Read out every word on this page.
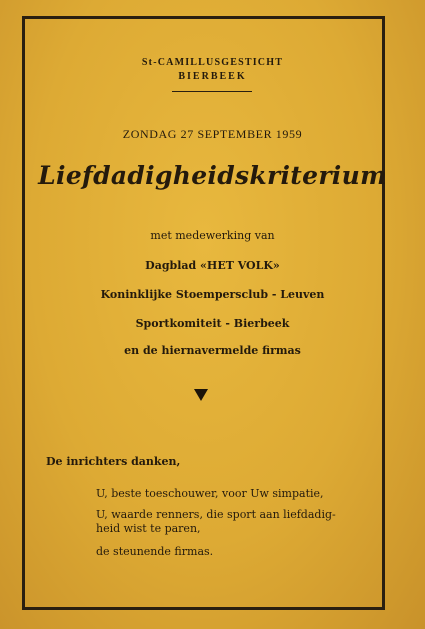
St-CAMILLUSGESTICHT
BIERBEEK
ZONDAG 27 SEPTEMBER 1959
Liefdadigheidskriterium
met medewerking van
Dagblad «HET VOLK»
Koninklijke Stoempersclub - Leuven
Sportkomiteit - Bierbeek
en de hiernavermelde firmas
De inrichters danken,
U, beste toeschouwer, voor Uw simpatie,
U, waarde renners, die sport aan liefdadig-
heid wist te paren,
de steunende firmas.
